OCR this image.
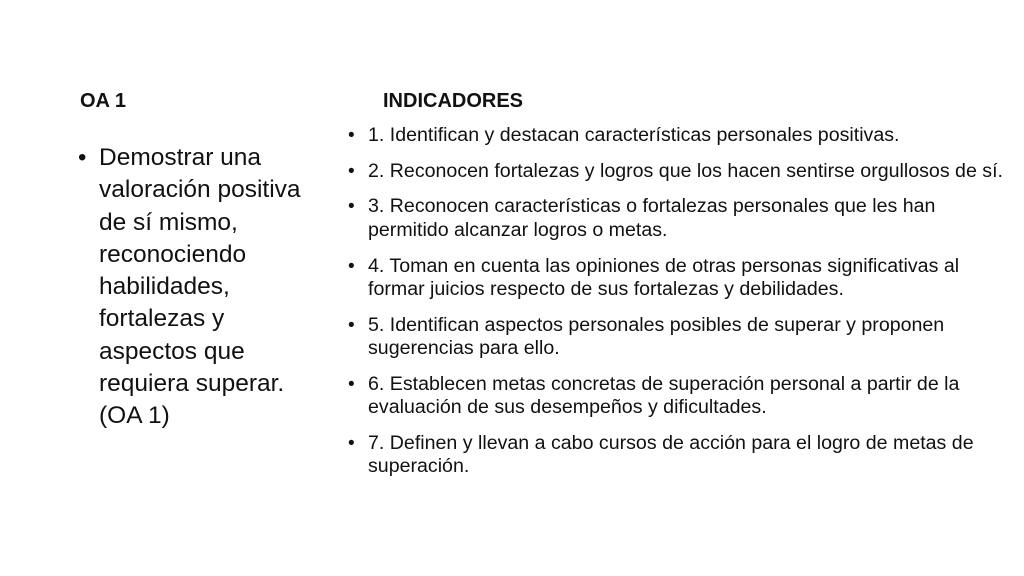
OA 1
• Demostrar una valoración positiva de sí mismo, reconociendo habilidades, fortalezas y aspectos que requiera superar. (OA 1)
INDICADORES
• 1. Identifican y destacan características personales positivas.
• 2. Reconocen fortalezas y logros que los hacen sentirse orgullosos de sí.
• 3. Reconocen características o fortalezas personales que les han permitido alcanzar logros o metas.
• 4. Toman en cuenta las opiniones de otras personas significativas al formar juicios respecto de sus fortalezas y debilidades.
• 5. Identifican aspectos personales posibles de superar y proponen sugerencias para ello.
• 6. Establecen metas concretas de superación personal a partir de la evaluación de sus desempeños y dificultades.
• 7. Definen y llevan a cabo cursos de acción para el logro de metas de superación.
